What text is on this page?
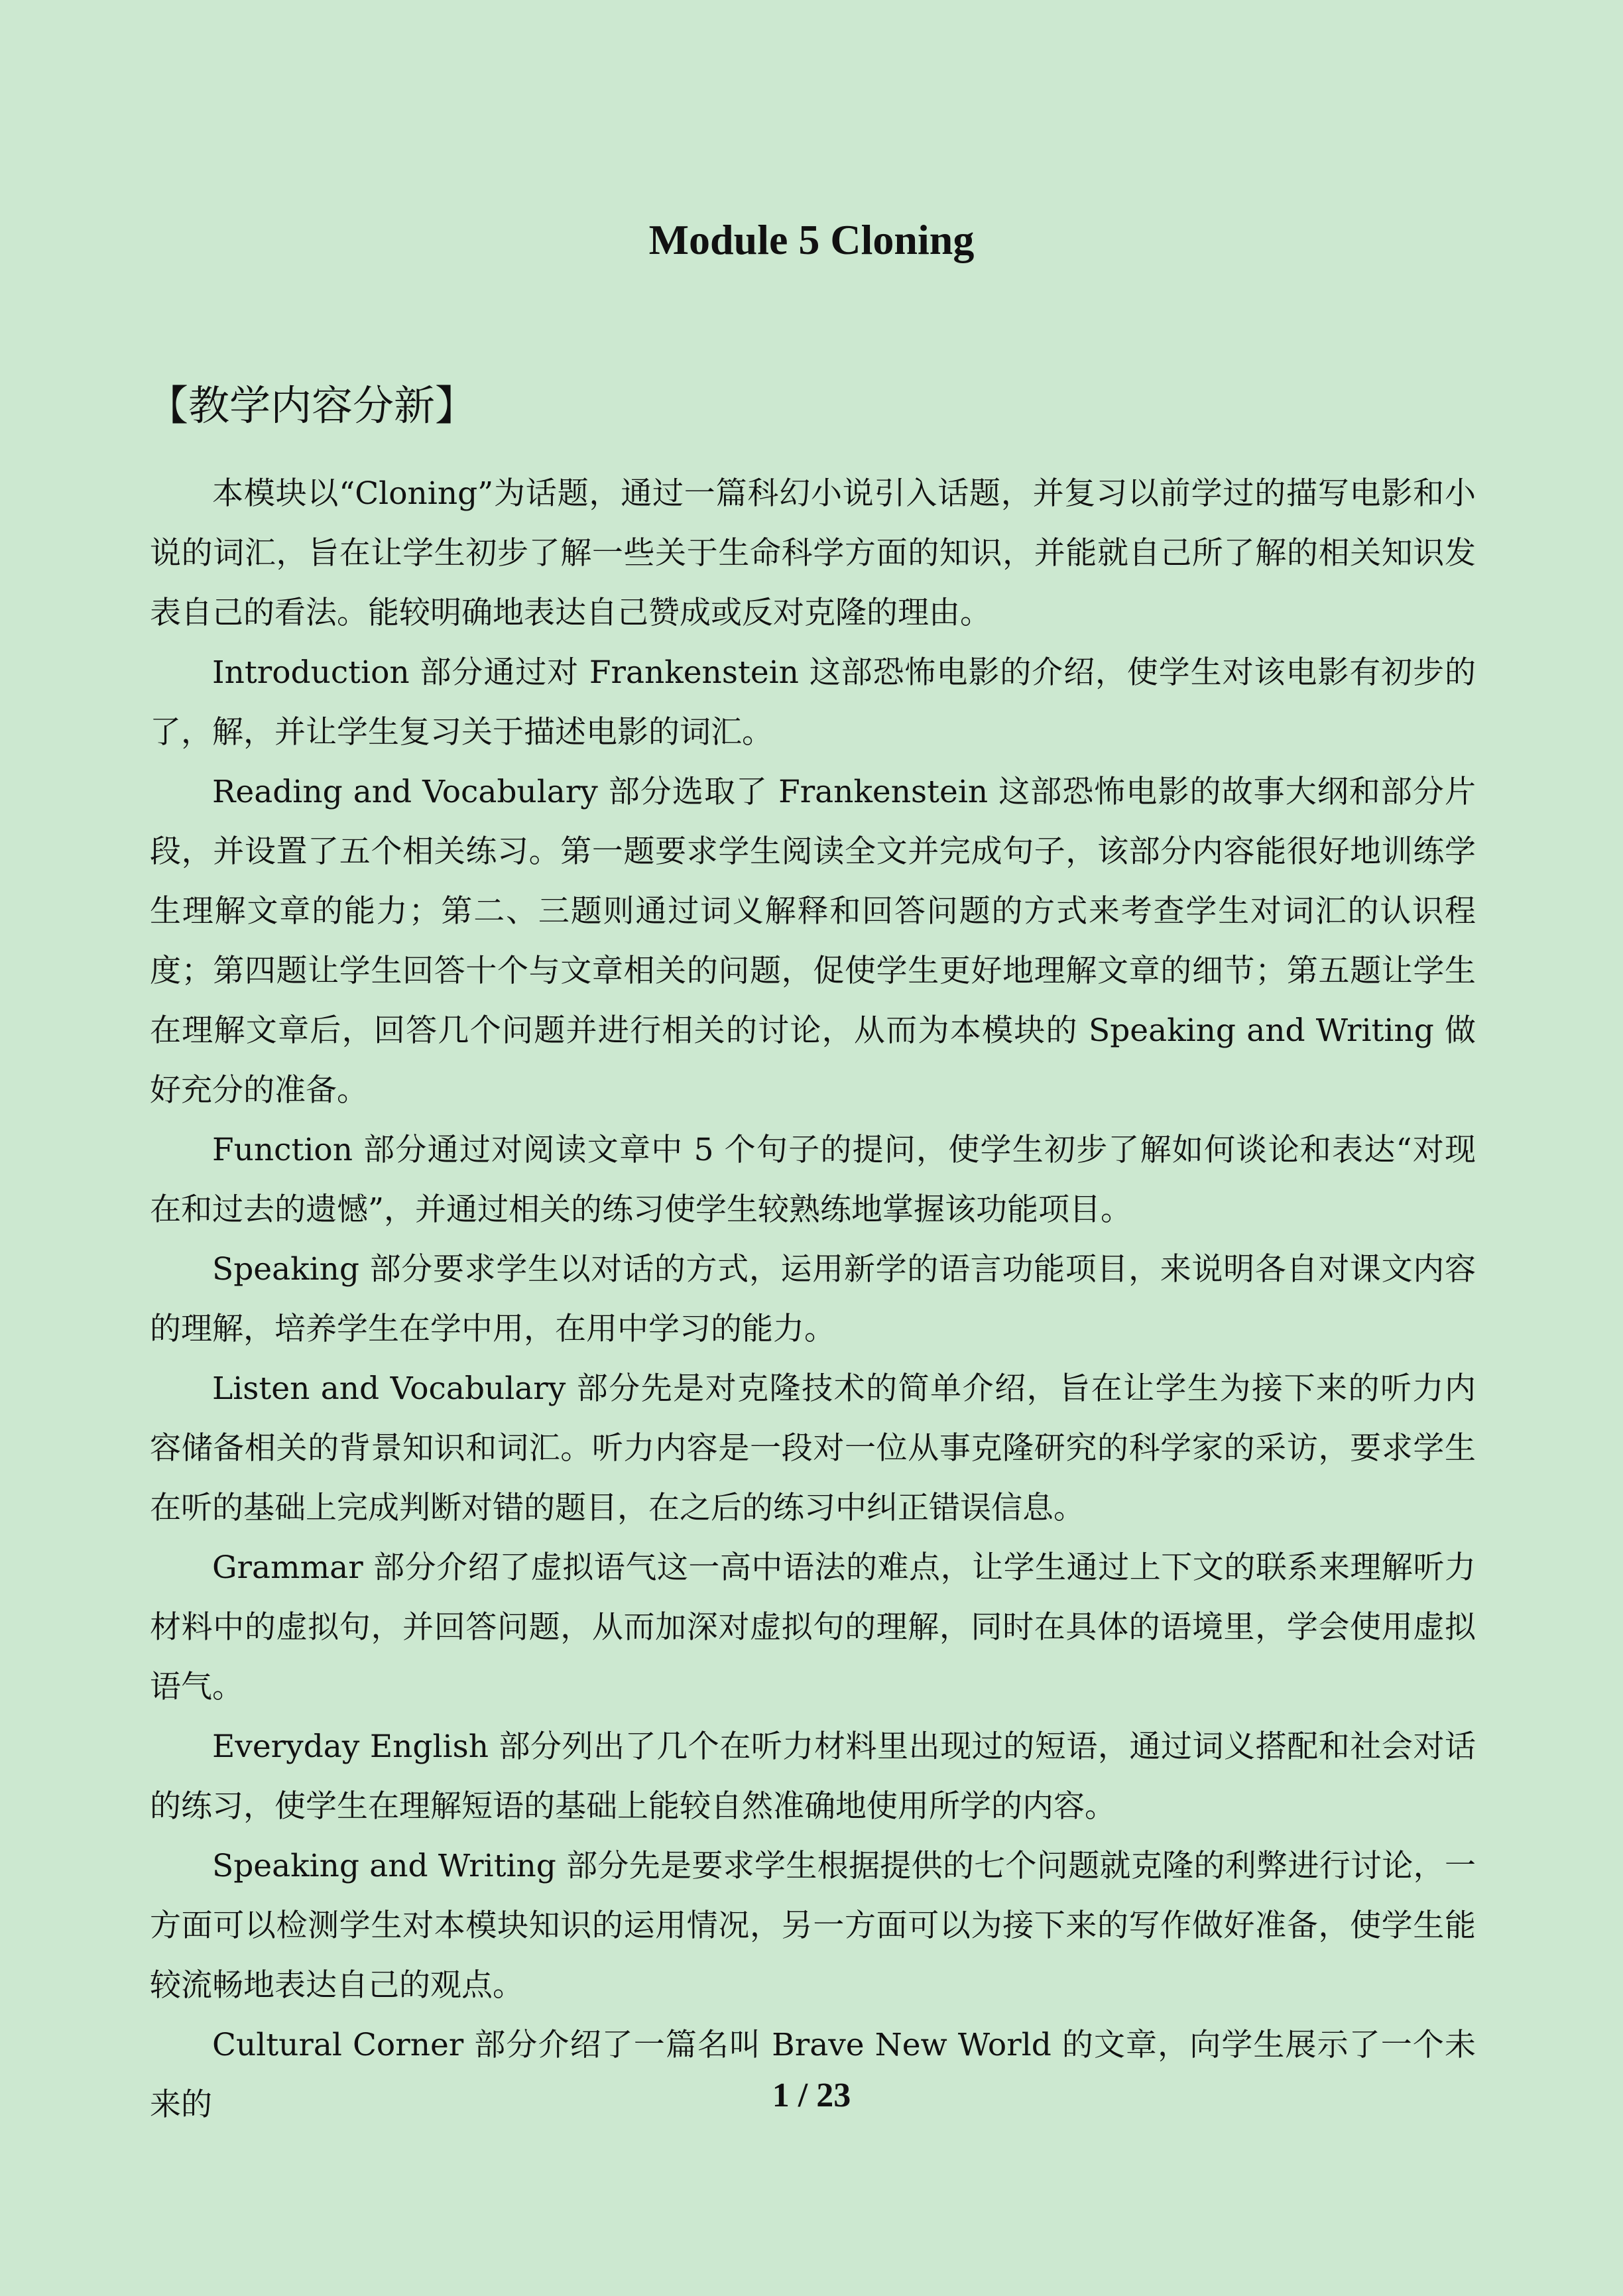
Module 5 Cloning
【教学内容分新】

本模块以“Cloning”为话题，通过一篇科幻小说引入话题，并复习以前学过的描写电影和小说的词汇，旨在让学生初步了解一些关于生命科学方面的知识，并能就自己所了解的相关知识发表自己的看法。能较明确地表达自己赞成或反对克隆的理由。

Introduction 部分通过对 Frankenstein 这部恐怖电影的介绍，使学生对该电影有初步的了，解，并让学生复习关于描述电影的词汇。

Reading and Vocabulary 部分选取了 Frankenstein 这部恐怖电影的故事大纲和部分片段，并设置了五个相关练习。第一题要求学生阅读全文并完成句子，该部分内容能很好地训练学生理解文章的能力；第二、三题则通过词义解释和回答问题的方式来考查学生对词汇的认识程度；第四题让学生回答十个与文章相关的问题，促使学生更好地理解文章的细节；第五题让学生在理解文章后，回答几个问题并进行相关的讨论，从而为本模块的 Speaking and Writing 做好充分的准备。

Function 部分通过对阅读文章中 5 个句子的提问，使学生初步了解如何谈论和表达“对现在和过去的遗憾”，并通过相关的练习使学生较熟练地掌握该功能项目。

Speaking 部分要求学生以对话的方式，运用新学的语言功能项目，来说明各自对课文内容的理解，培养学生在学中用，在用中学习的能力。

Listen and Vocabulary 部分先是对克隆技术的简单介绍，旨在让学生为接下来的听力内容储备相关的背景知识和词汇。听力内容是一段对一位从事克隆研究的科学家的采访，要求学生在听的基础上完成判断对错的题目，在之后的练习中纠正错误信息。

Grammar 部分介绍了虚拟语气这一高中语法的难点，让学生通过上下文的联系来理解听力材料中的虚拟句，并回答问题，从而加深对虚拟句的理解，同时在具体的语境里，学会使用虚拟语气。

Everyday English 部分列出了几个在听力材料里出现过的短语，通过词义搭配和社会对话的练习，使学生在理解短语的基础上能较自然准确地使用所学的内容。

Speaking and Writing 部分先是要求学生根据提供的七个问题就克隆的利弊进行讨论，一方面可以检测学生对本模块知识的运用情况，另一方面可以为接下来的写作做好准备，使学生能较流畅地表达自己的观点。

Cultural Corner 部分介绍了一篇名叫 Brave New World 的文章，向学生展示了一个未来的	1 / 23
